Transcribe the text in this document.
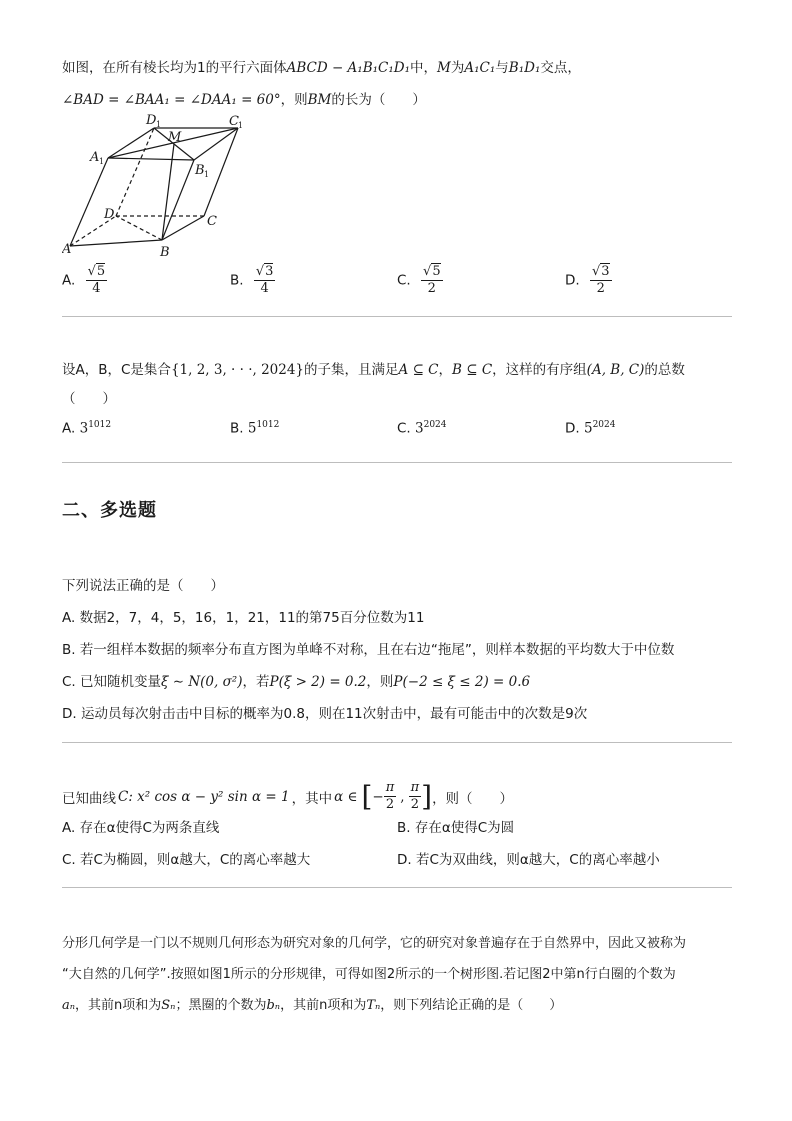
如图，在所有棱长均为1的平行六面体ABCD − A₁B₁C₁D₁中，M为A₁C₁与B₁D₁交点，
∠BAD = ∠BAA₁ = ∠DAA₁ = 60°，则BM的长为（　　）
A	B
C
D
A 1
B 1
C 1
D 1
M
A. $\frac{√5}{4}$	B. $\frac{√3}{4}$	C. $\frac{√5}{2}$	D. $\frac{√3}{2}$
设A，B，C是集合{1, 2, 3, · · ·, 2024}的子集，且满足A ⊆ C，B ⊆ C，这样的有序组(A, B, C)的总数
（　　）
A. $3^{1012}$	B. $5^{1012}$	C. $3^{2024}$	D. $5^{2024}$
二、多选题
下列说法正确的是（　　）
A. 数据2，7，4，5，16，1，21，11的第75百分位数为11
B. 若一组样本数据的频率分布直方图为单峰不对称，且在右边“拖尾”，则样本数据的平均数大于中位数
C. 已知随机变量ξ ∼ N(0, σ²)，若P(ξ > 2) = 0.2，则P(−2 ≤ ξ ≤ 2) = 0.6
D. 运动员每次射击击中目标的概率为0.8，则在11次射击中，最有可能击中的次数是9次
已知曲线 C: x² cos α − y² sin α = 1 ，其中 α ∈ [ − $\frac{\pi}{2}$ , $\frac{\pi}{2}$ ] ，则（　　）
A. 存在α使得C为两条直线	B. 存在α使得C为圆
C. 若C为椭圆，则α越大，C的离心率越大	D. 若C为双曲线，则α越大，C的离心率越小
分形几何学是一门以不规则几何形态为研究对象的几何学，它的研究对象普遍存在于自然界中，因此又被称为
“大自然的几何学”.按照如图1所示的分形规律，可得如图2所示的一个树形图.若记图2中第n行白圈的个数为
aₙ，其前n项和为Sₙ；黑圈的个数为bₙ，其前n项和为Tₙ，则下列结论正确的是（　　）
